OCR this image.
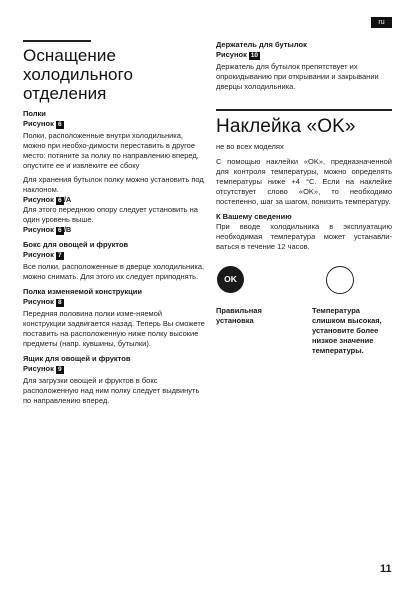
ru
Оснащение холодильного отделения

Полки

Рисунок 6

Полки, расположенные внутри холодильника, можно при необхо-димости переставить в другое место: потяните за полку по направлению вперед, опустите ее и извлеките ее сбоку

Для хранения бутылок полку можно установить под наклоном.

Рисунок 6 /A

Для этого переднюю опору следует установить на один уровень выше.

Рисунок 6 /B

Бокс для овощей и фруктов

Рисунок 7

Все полки, расположенные в дверце холодильника, можно снимать. Для этого их следует приподнять.

Полка изменяемой конструкции

Рисунок 8

Передняя половина полки изме-няемой конструкции задвигается назад. Теперь Вы сможете поставить на расположенную ниже полку высокие предметы (напр. кувшины, бутылки).

Ящик для овощей и фруктов

Рисунок 9

Для загрузки овощей и фруктов в бокс расположенную над ним полку следует выдвинуть по направлению вперед.

Держатель для бутылок

Рисунок 10

Держатель для бутылок препятствует их опрокидыванию при открывании и закрывании дверцы холодильника.

Наклейка «OK»

не во всех моделях

С помощью наклейки «OK», предназначенной для контроля температуры, можно определять температуры ниже +4 °C. Если на наклейке отсутствует слово «OK», то необходимо постепенно, шаг за шагом, понизить температуру.

К Вашему сведению

При вводе холодильника в эксплуатацию необходимая температура может устанавли-ваться в течение 12 часов.

OK
Правильная установка
Температура слишком высокая, установите более низкое значение температуры.
11
